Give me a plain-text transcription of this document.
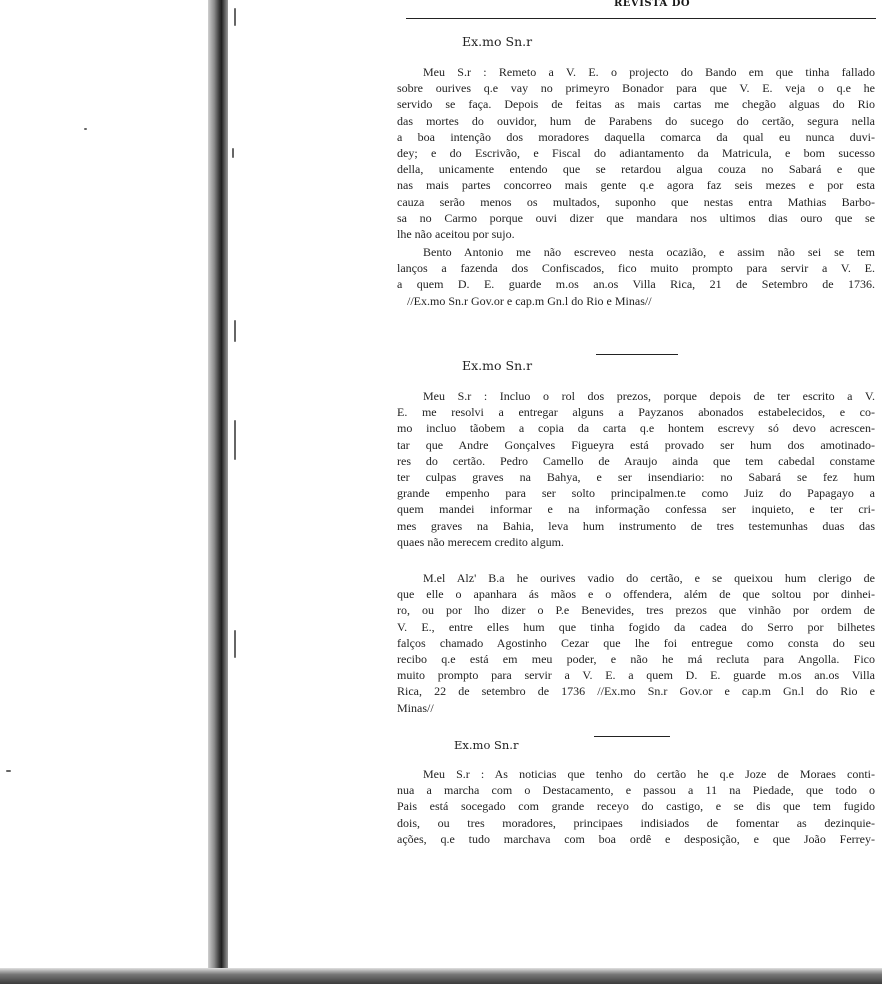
REVISTA DO
Ex.mo Sn.r
Meu S.r : Remeto a V. E. o projecto do Bando em que tinha fallado
sobre ourives q.e vay no primeyro Bonador para que V. E. veja o q.e he
servido se faça. Depois de feitas as mais cartas me chegão alguas do Rio
das mortes do ouvidor, hum de Parabens do sucego do certão, segura nella
a boa intenção dos moradores daquella comarca da qual eu nunca duvi-
dey; e do Escrivão, e Fiscal do adiantamento da Matricula, e bom sucesso
della, unicamente entendo que se retardou algua couza no Sabará e que
nas mais partes concorreo mais gente q.e agora faz seis mezes e por esta
cauza serão menos os multados, suponho que nestas entra Mathias Barbo-
sa no Carmo porque ouvi dizer que mandara nos ultimos dias ouro que se
lhe não aceitou por sujo.
Bento Antonio me não escreveo nesta ocazião, e assim não sei se tem
lanços a fazenda dos Confiscados, fico muito prompto para servir a V. E.
a quem D. E. guarde m.os an.os Villa Rica, 21 de Setembro de 1736.
//Ex.mo Sn.r Gov.or e cap.m Gn.l do Rio e Minas//
Ex.mo Sn.r
Meu S.r : Incluo o rol dos prezos, porque depois de ter escrito a V.
E. me resolvi a entregar alguns a Payzanos abonados estabelecidos, e co-
mo incluo tãobem a copia da carta q.e hontem escrevy só devo acrescen-
tar que Andre Gonçalves Figueyra está provado ser hum dos amotinado-
res do certão. Pedro Camello de Araujo ainda que tem cabedal constame
ter culpas graves na Bahya, e ser insendiario: no Sabará se fez hum
grande empenho para ser solto principalmen.te como Juiz do Papagayo a
quem mandei informar e na informação confessa ser inquieto, e ter cri-
mes graves na Bahia, leva hum instrumento de tres testemunhas duas das
quaes não merecem credito algum.
M.el Alz' B.a he ourives vadio do certão, e se queixou hum clerigo de
que elle o apanhara ás mãos e o offendera, além de que soltou por dinhei-
ro, ou por lho dizer o P.e Benevides, tres prezos que vinhão por ordem de
V. E., entre elles hum que tinha fogido da cadea do Serro por bilhetes
falços chamado Agostinho Cezar que lhe foi entregue como consta do seu
recibo q.e está em meu poder, e não he má recluta para Angolla. Fico
muito prompto para servir a V. E. a quem D. E. guarde m.os an.os Villa
Rica, 22 de setembro de 1736 //Ex.mo Sn.r Gov.or e cap.m Gn.l do Rio e
Minas//
Ex.mo Sn.r
Meu S.r : As noticias que tenho do certão he q.e Joze de Moraes conti-
nua a marcha com o Destacamento, e passou a 11 na Piedade, que todo o
Pais está socegado com grande receyo do castigo, e se dis que tem fugido
dois, ou tres moradores, principaes indisiados de fomentar as dezinquie-
ações, q.e tudo marchava com boa ordê e desposição, e que João Ferrey-
